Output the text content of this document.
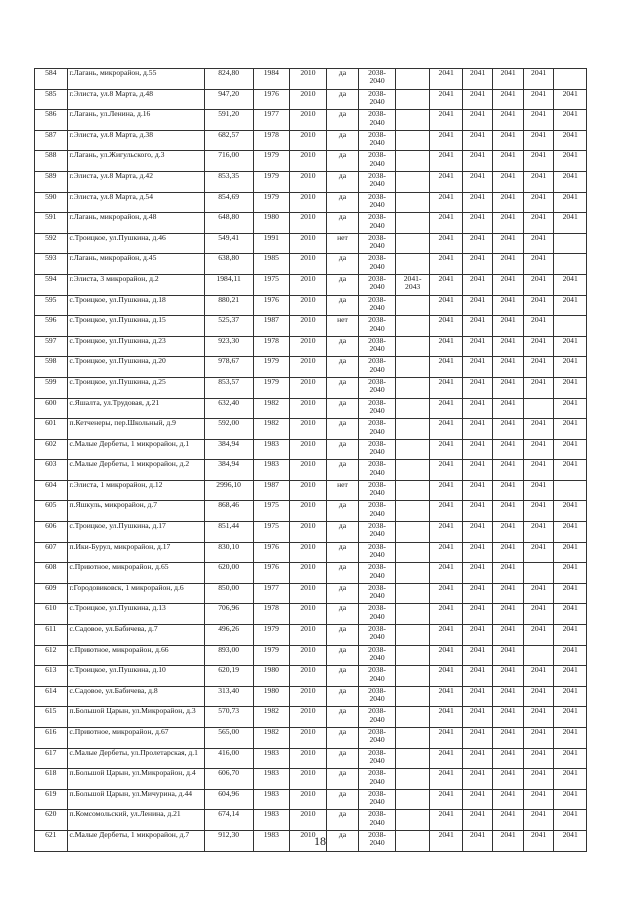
584	г.Лагань, микрорайон, д.55	824,80	1984	2010	да	2038-2040		2041	2041	2041	2041	
585	г.Элиста, ул.8 Марта, д.48	947,20	1976	2010	да	2038-2040		2041	2041	2041	2041	2041
586	г.Лагань, ул.Ленина, д.16	591,20	1977	2010	да	2038-2040		2041	2041	2041	2041	2041
587	г.Элиста, ул.8 Марта, д.38	682,57	1978	2010	да	2038-2040		2041	2041	2041	2041	2041
588	г.Лагань, ул.Жигульского, д.3	716,00	1979	2010	да	2038-2040		2041	2041	2041	2041	2041
589	г.Элиста, ул.8 Марта, д.42	853,35	1979	2010	да	2038-2040		2041	2041	2041	2041	2041
590	г.Элиста, ул.8 Марта, д.54	854,69	1979	2010	да	2038-2040		2041	2041	2041	2041	2041
591	г.Лагань, микрорайон, д.48	648,80	1980	2010	да	2038-2040		2041	2041	2041	2041	2041
592	с.Троицкое, ул.Пушкина, д.46	549,41	1991	2010	нет	2038-2040		2041	2041	2041	2041	
593	г.Лагань, микрорайон, д.45	638,80	1985	2010	да	2038-2040		2041	2041	2041	2041	
594	г.Элиста, 3 микрорайон, д.2	1984,11	1975	2010	да	2038-2040	2041-2043	2041	2041	2041	2041	2041
595	с.Троицкое, ул.Пушкина, д.18	880,21	1976	2010	да	2038-2040		2041	2041	2041	2041	2041
596	с.Троицкое, ул.Пушкина, д.15	525,37	1987	2010	нет	2038-2040		2041	2041	2041	2041	
597	с.Троицкое, ул.Пушкина, д.23	923,30	1978	2010	да	2038-2040		2041	2041	2041	2041	2041
598	с.Троицкое, ул.Пушкина, д.20	978,67	1979	2010	да	2038-2040		2041	2041	2041	2041	2041
599	с.Троицкое, ул.Пушкина, д.25	853,57	1979	2010	да	2038-2040		2041	2041	2041	2041	2041
600	с.Яшалта, ул.Трудовая, д.21	632,40	1982	2010	да	2038-2040		2041	2041	2041		2041
601	п.Кетченеры, пер.Школьный, д.9	592,00	1982	2010	да	2038-2040		2041	2041	2041	2041	2041
602	с.Малые Дербеты, 1 микрорайон, д.1	384,94	1983	2010	да	2038-2040		2041	2041	2041	2041	2041
603	с.Малые Дербеты, 1 микрорайон, д.2	384,94	1983	2010	да	2038-2040		2041	2041	2041	2041	2041
604	г.Элиста, 1 микрорайон, д.12	2996,10	1987	2010	нет	2038-2040		2041	2041	2041	2041	
605	п.Яшкуль, микрорайон, д.7	868,46	1975	2010	да	2038-2040		2041	2041	2041	2041	2041
606	с.Троицкое, ул.Пушкина, д.17	851,44	1975	2010	да	2038-2040		2041	2041	2041	2041	2041
607	п.Ики-Бурул, микрорайон, д.17	830,10	1976	2010	да	2038-2040		2041	2041	2041	2041	2041
608	с.Приютное, микрорайон, д.65	620,00	1976	2010	да	2038-2040		2041	2041	2041		2041
609	г.Городовиковск, 1 микрорайон, д.6	850,00	1977	2010	да	2038-2040		2041	2041	2041	2041	2041
610	с.Троицкое, ул.Пушкина, д.13	706,96	1978	2010	да	2038-2040		2041	2041	2041	2041	2041
611	с.Садовое, ул.Бабичева, д.7	496,26	1979	2010	да	2038-2040		2041	2041	2041	2041	2041
612	с.Приютное, микрорайон, д.66	893,00	1979	2010	да	2038-2040		2041	2041	2041		2041
613	с.Троицкое, ул.Пушкина, д.10	620,19	1980	2010	да	2038-2040		2041	2041	2041	2041	2041
614	с.Садовое, ул.Бабичева, д.8	313,40	1980	2010	да	2038-2040		2041	2041	2041	2041	2041
615	п.Большой Царын, ул.Микрорайон, д.3	570,73	1982	2010	да	2038-2040		2041	2041	2041	2041	2041
616	с.Приютное, микрорайон, д.67	565,00	1982	2010	да	2038-2040		2041	2041	2041	2041	2041
617	с.Малые Дербеты, ул.Пролетарская, д.1	416,00	1983	2010	да	2038-2040		2041	2041	2041	2041	2041
618	п.Большой Царын, ул.Микрорайон, д.4	606,70	1983	2010	да	2038-2040		2041	2041	2041	2041	2041
619	п.Большой Царын, ул.Мичурина, д.44	604,96	1983	2010	да	2038-2040		2041	2041	2041	2041	2041
620	п.Комсомольский, ул.Ленина, д.21	674,14	1983	2010	да	2038-2040		2041	2041	2041	2041	2041
621	с.Малые Дербеты, 1 микрорайон, д.7	912,30	1983	2010	да	2038-2040		2041	2041	2041	2041	2041
18
